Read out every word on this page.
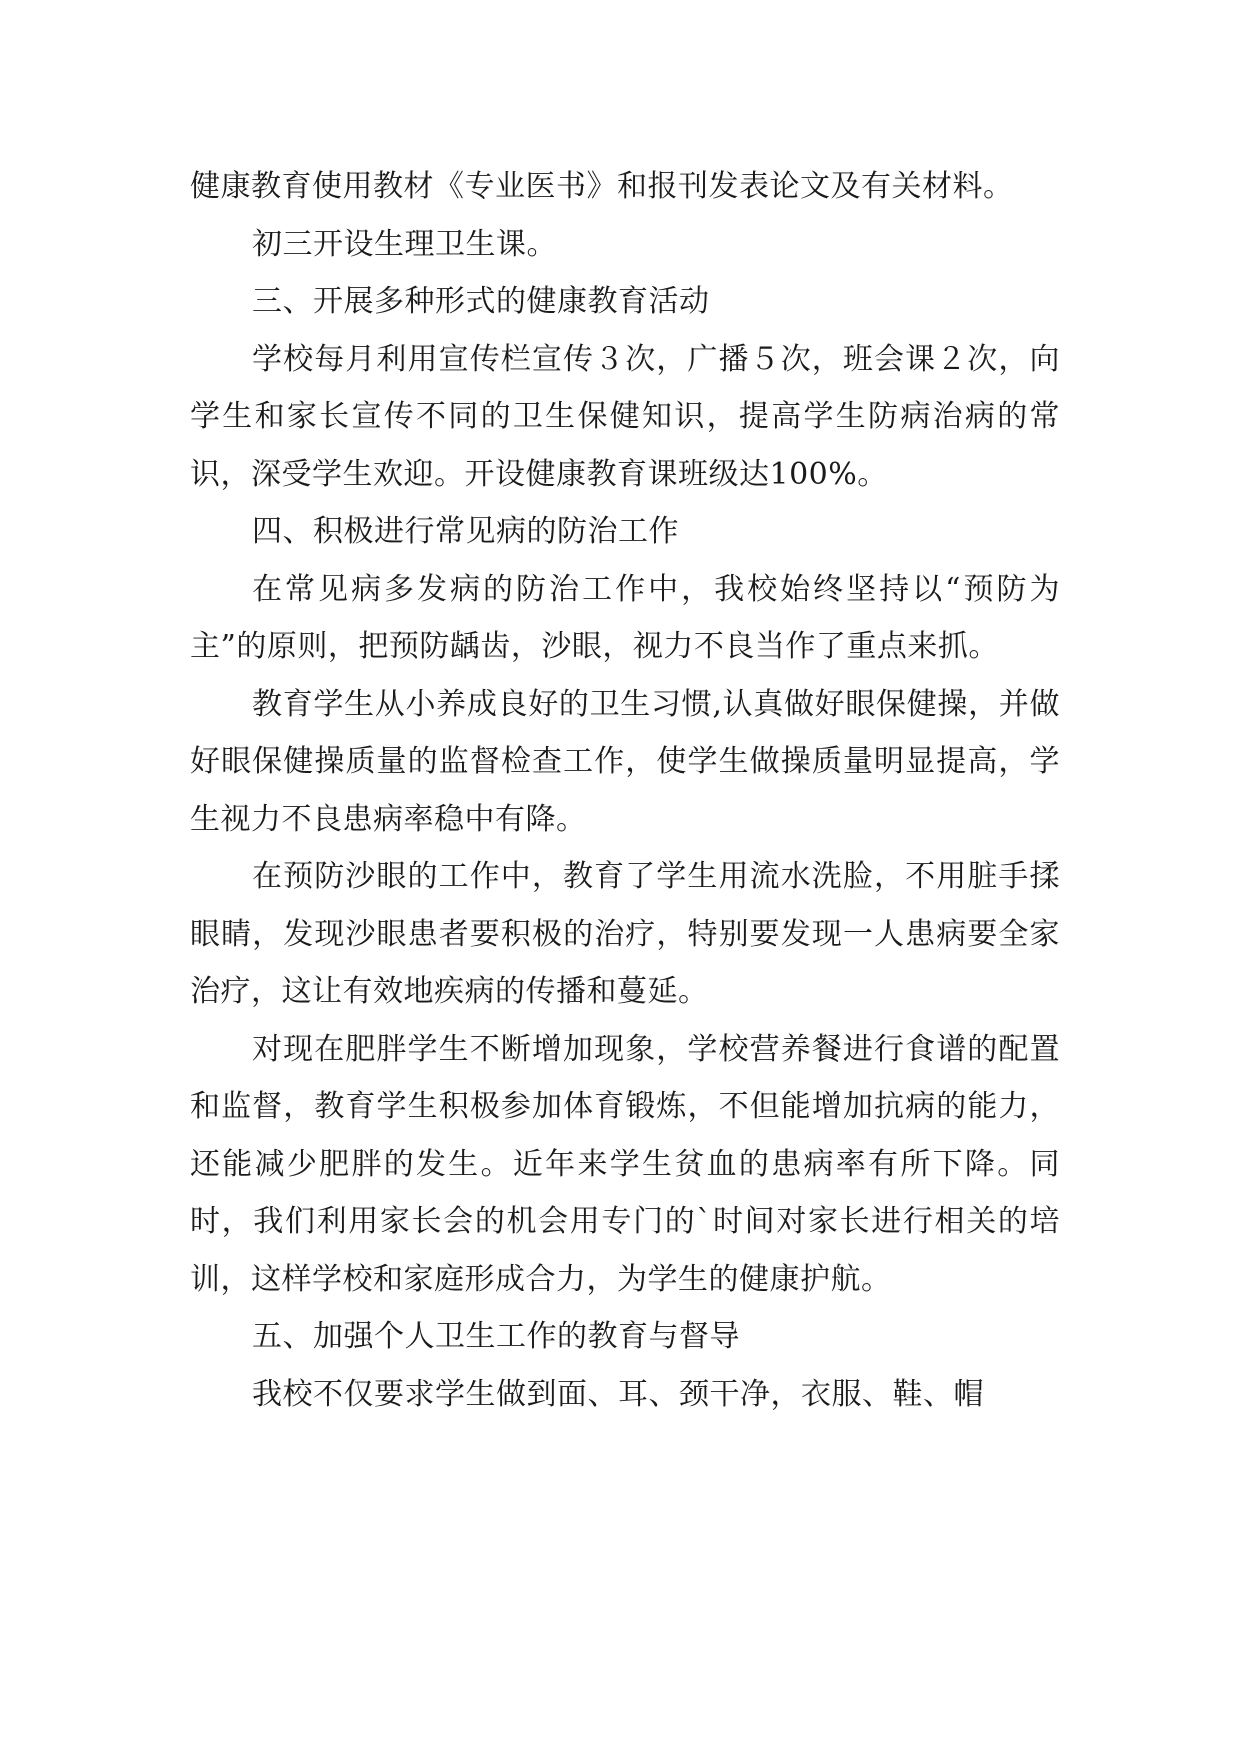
健康教育使用教材《专业医书》和报刊发表论文及有关材料。

初三开设生理卫生课。

三、开展多种形式的健康教育活动

学校每月利用宣传栏宣传３次，广播５次，班会课２次，向学生和家长宣传不同的卫生保健知识，提高学生防病治病的常识，深受学生欢迎。开设健康教育课班级达100%。

四、积极进行常见病的防治工作

在常见病多发病的防治工作中，我校始终坚持以“预防为主”的原则，把预防龋齿，沙眼，视力不良当作了重点来抓。

教育学生从小养成良好的卫生习惯,认真做好眼保健操，并做好眼保健操质量的监督检查工作，使学生做操质量明显提高，学生视力不良患病率稳中有降。

在预防沙眼的工作中，教育了学生用流水洗脸，不用脏手揉眼睛，发现沙眼患者要积极的治疗，特别要发现一人患病要全家治疗，这让有效地疾病的传播和蔓延。

对现在肥胖学生不断增加现象，学校营养餐进行食谱的配置和监督，教育学生积极参加体育锻炼，不但能增加抗病的能力，还能减少肥胖的发生。近年来学生贫血的患病率有所下降。同时，我们利用家长会的机会用专门的`时间对家长进行相关的培训，这样学校和家庭形成合力，为学生的健康护航。

五、加强个人卫生工作的教育与督导

我校不仅要求学生做到面、耳、颈干净，衣服、鞋、帽
